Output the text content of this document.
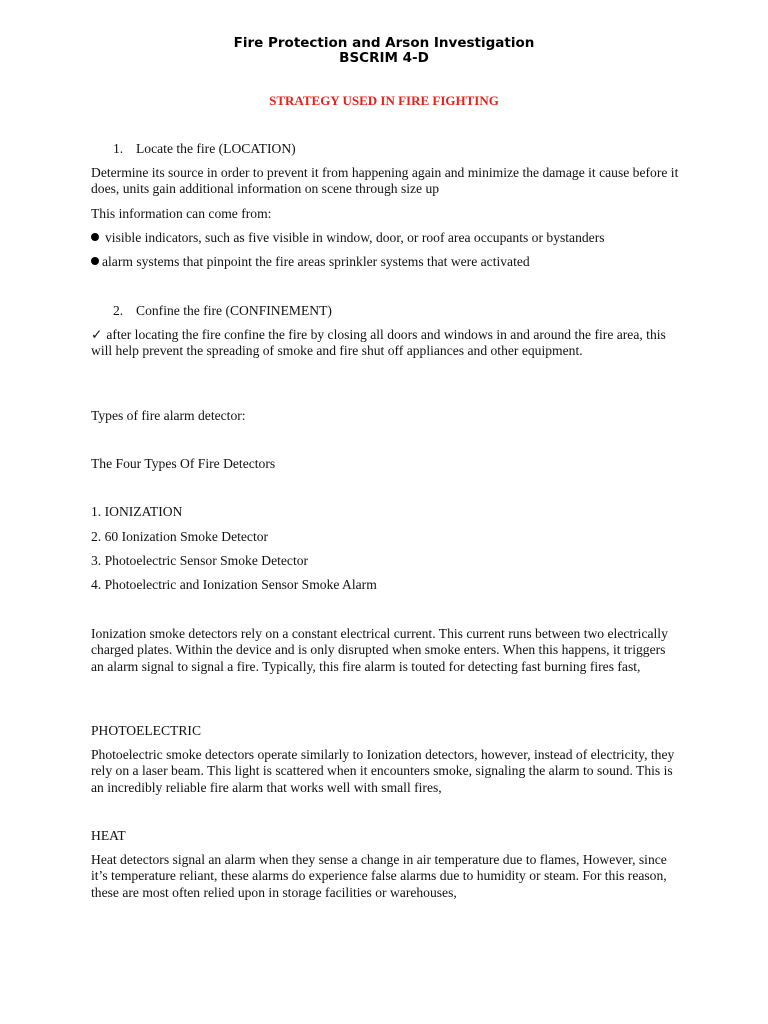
Fire Protection and Arson Investigation
BSCRIM 4-D
STRATEGY USED IN FIRE FIGHTING
1. Locate the fire (LOCATION)
Determine its source in order to prevent it from happening again and minimize the damage it cause before it does, units gain additional information on scene through size up
This information can come from:
visible indicators, such as five visible in window, door, or roof area occupants or bystanders
alarm systems that pinpoint the fire areas sprinkler systems that were activated
2. Confine the fire (CONFINEMENT)
✓ after locating the fire confine the fire by closing all doors and windows in and around the fire area, this will help prevent the spreading of smoke and fire shut off appliances and other equipment.
Types of fire alarm detector:
The Four Types Of Fire Detectors
1. IONIZATION
2. 60 Ionization Smoke Detector
3. Photoelectric Sensor Smoke Detector
4. Photoelectric and Ionization Sensor Smoke Alarm
Ionization smoke detectors rely on a constant electrical current. This current runs between two electrically charged plates. Within the device and is only disrupted when smoke enters. When this happens, it triggers an alarm signal to signal a fire. Typically, this fire alarm is touted for detecting fast burning fires fast,
PHOTOELECTRIC
Photoelectric smoke detectors operate similarly to Ionization detectors, however, instead of electricity, they rely on a laser beam. This light is scattered when it encounters smoke, signaling the alarm to sound. This is an incredibly reliable fire alarm that works well with small fires,
HEAT
Heat detectors signal an alarm when they sense a change in air temperature due to flames, However, since it’s temperature reliant, these alarms do experience false alarms due to humidity or steam. For this reason, these are most often relied upon in storage facilities or warehouses,
